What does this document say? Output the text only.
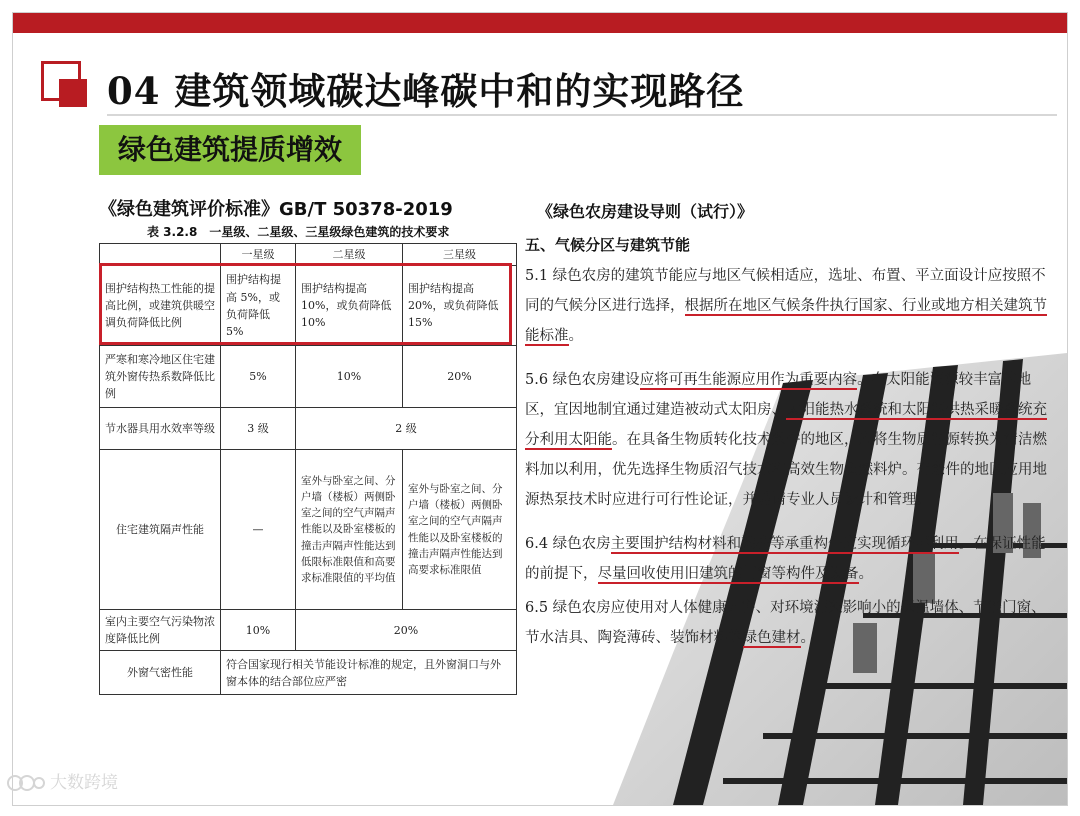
04 建筑领域碳达峰碳中和的实现路径
绿色建筑提质增效
《绿色建筑评价标准》GB/T 50378-2019
表 3.2.8　一星级、二星级、三星级绿色建筑的技术要求
	一星级	二星级	三星级
围护结构热工性能的提高比例，或建筑供暖空调负荷降低比例	围护结构提高 5%，或负荷降低 5%	围护结构提高 10%，或负荷降低 10%	围护结构提高 20%，或负荷降低 15%
严寒和寒冷地区住宅建筑外窗传热系数降低比例	5%	10%	20%
节水器具用水效率等级	3 级	2 级	
住宅建筑隔声性能	—	室外与卧室之间、分户墙（楼板）两侧卧室之间的空气声隔声性能以及卧室楼板的撞击声隔声性能达到低限标准限值和高要求标准限值的平均值	室外与卧室之间、分户墙（楼板）两侧卧室之间的空气声隔声性能以及卧室楼板的撞击声隔声性能达到高要求标准限值
室内主要空气污染物浓度降低比例	10%	20%	
外窗气密性能	符合国家现行相关节能设计标准的规定，且外窗洞口与外窗本体的结合部位应严密		
《绿色农房建设导则（试行）》
五、气候分区与建筑节能
5.1 绿色农房的建筑节能应与地区气候相适应，选址、布置、平立面设计应按照不同的气候分区进行选择，根据所在地区气候条件执行国家、行业或地方相关建筑节能标准。
5.6 绿色农房建设应将可再生能源应用作为重要内容。在太阳能资源较丰富的地区，宜因地制宜通过建造被动式太阳房、太阳能热水系统和太阳能供热采暖系统充分利用太阳能。在具备生物质转化技术条件的地区，应将生物质能源转换为清洁燃料加以利用，优先选择生物质沼气技术和高效生物质燃料炉。有条件的地区应用地源热泵技术时应进行可行性论证，并聘请专业人员设计和管理。
6.4 绿色农房主要围护结构材料和梁柱等承重构件应实现循环再利用。在保证性能的前提下，尽量回收使用旧建筑的门窗等构件及设备。
6.5 绿色农房应使用对人体健康无害、对环境污染影响小的保温墙体、节能门窗、节水洁具、陶瓷薄砖、装饰材料等绿色建材。
大数跨境
